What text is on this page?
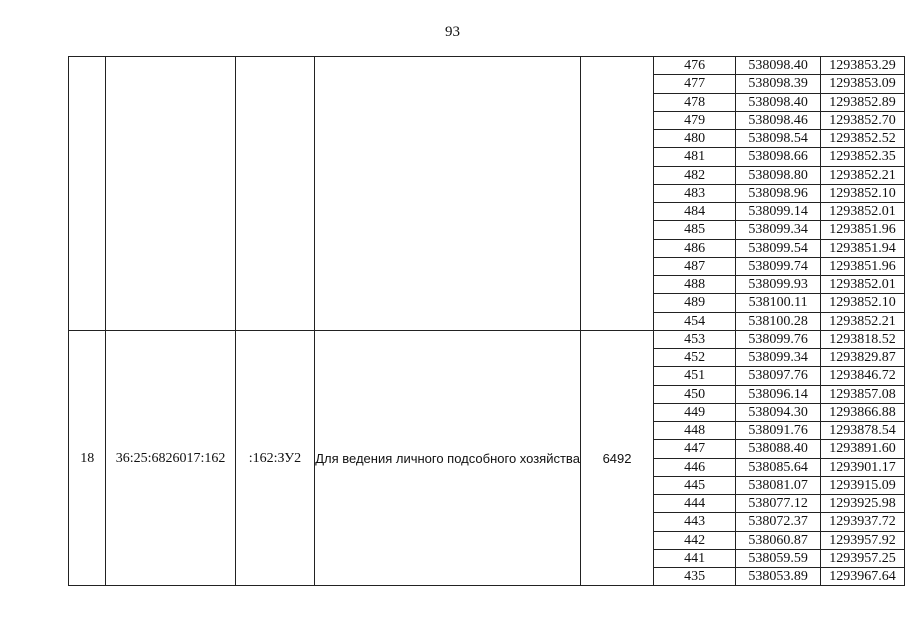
93
					476	538098.40	1293853.29
					477	538098.39	1293853.09
					478	538098.40	1293852.89
					479	538098.46	1293852.70
					480	538098.54	1293852.52
					481	538098.66	1293852.35
					482	538098.80	1293852.21
					483	538098.96	1293852.10
					484	538099.14	1293852.01
					485	538099.34	1293851.96
					486	538099.54	1293851.94
					487	538099.74	1293851.96
					488	538099.93	1293852.01
					489	538100.11	1293852.10
					454	538100.28	1293852.21
18	36:25:6826017:162	:162:ЗУ2	Для ведения личного подсобного хозяйства	6492	453	538099.76	1293818.52
					452	538099.34	1293829.87
					451	538097.76	1293846.72
					450	538096.14	1293857.08
					449	538094.30	1293866.88
					448	538091.76	1293878.54
					447	538088.40	1293891.60
					446	538085.64	1293901.17
					445	538081.07	1293915.09
					444	538077.12	1293925.98
					443	538072.37	1293937.72
					442	538060.87	1293957.92
					441	538059.59	1293957.25
					435	538053.89	1293967.64
